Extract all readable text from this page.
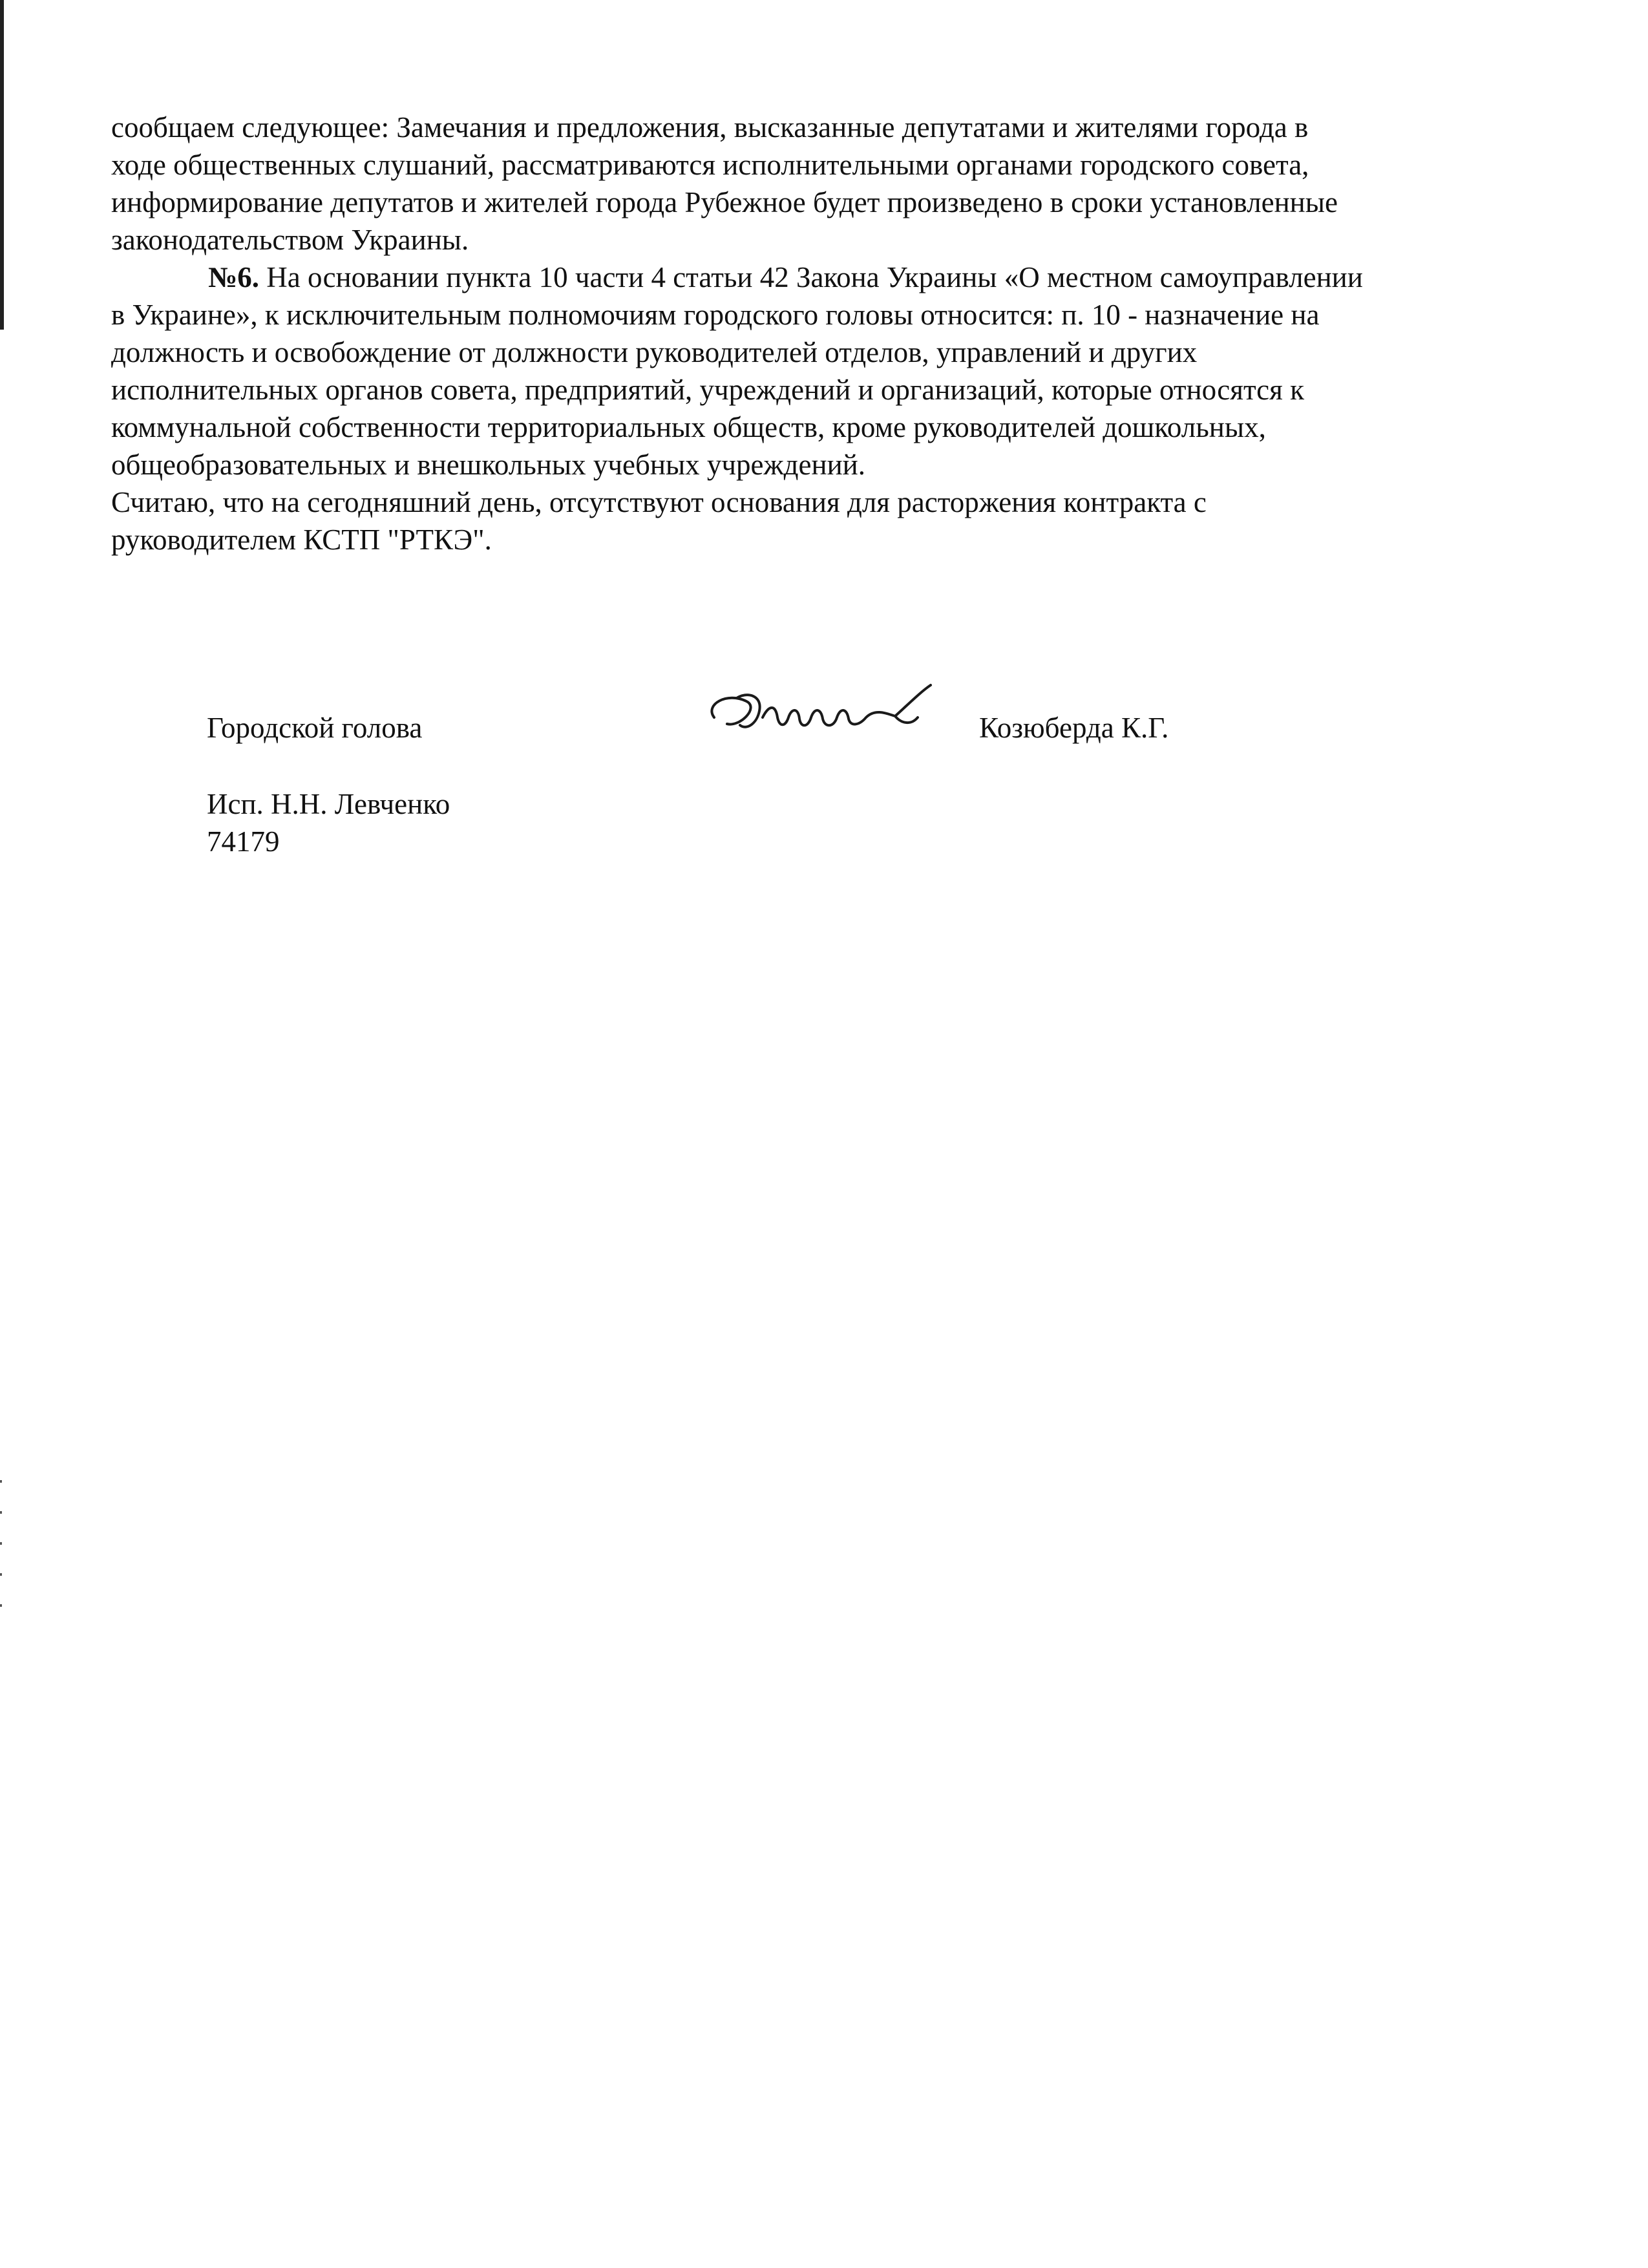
сообщаем следующее: Замечания и предложения, высказанные депутатами и жителями города в
ходе общественных слушаний, рассматриваются исполнительными органами городского совета,
информирование депутатов и жителей города Рубежное будет произведено в сроки установленные
законодательством Украины.

№6. На основании пункта 10 части 4 статьи 42 Закона Украины «О местном самоуправлении

в Украине», к исключительным полномочиям городского головы относится: п. 10 - назначение на
должность и освобождение от должности руководителей отделов, управлений и других
исполнительных органов совета, предприятий, учреждений и организаций, которые относятся к
коммунальной собственности территориальных обществ, кроме руководителей дошкольных,
общеобразовательных и внешкольных учебных учреждений.

Считаю, что на сегодняшний день, отсутствуют основания для расторжения контракта с
руководителем КСТП "РТКЭ".

Городской голова	Козюберда К.Г.
Исп. Н.Н. Левченко
74179
